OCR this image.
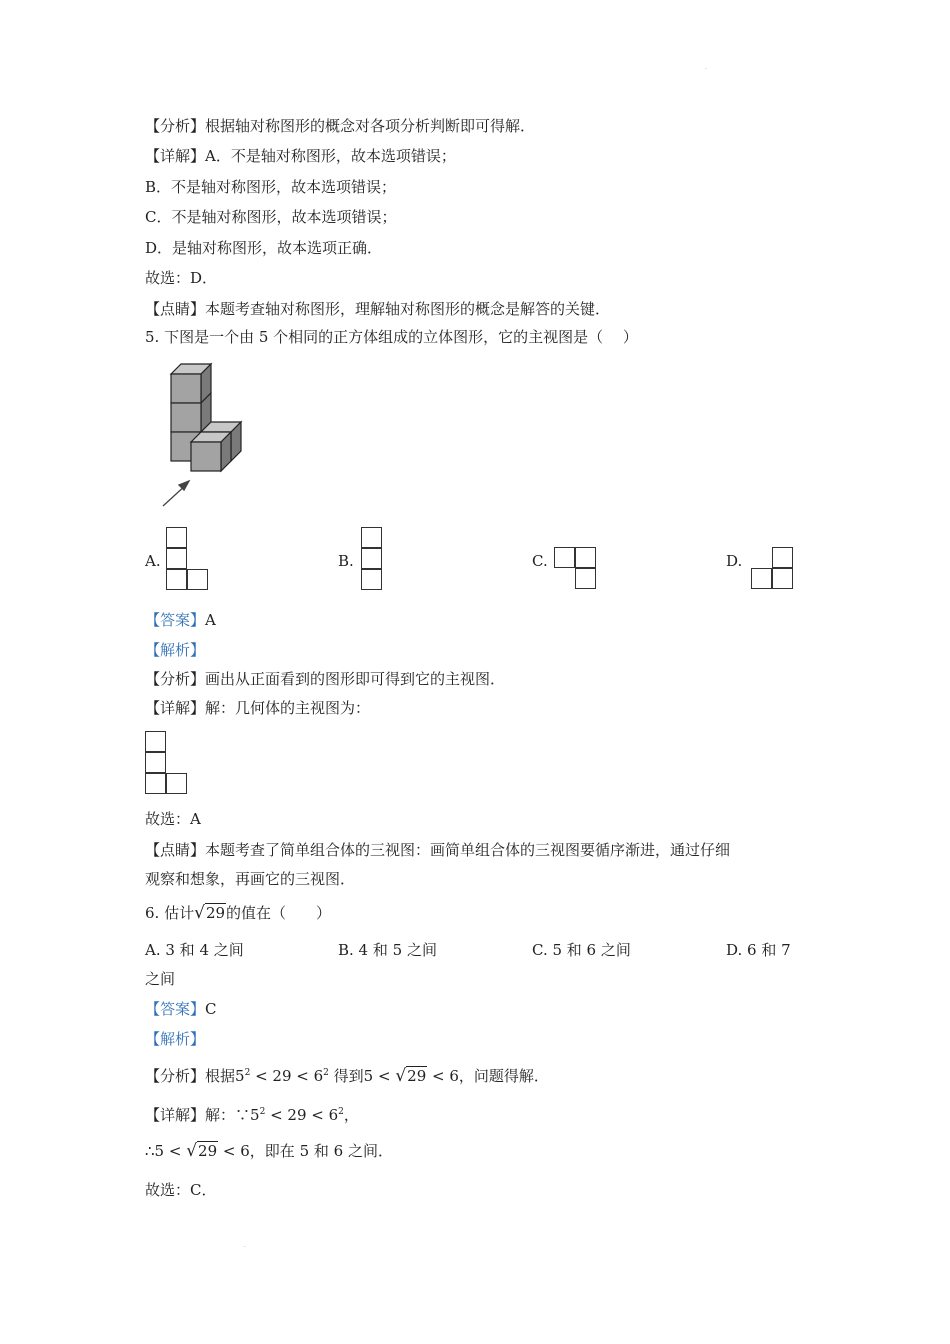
·
【分析】根据轴对称图形的概念对各项分析判断即可得解．
【详解】A．不是轴对称图形，故本选项错误；
B．不是轴对称图形，故本选项错误；
C．不是轴对称图形，故本选项错误；
D．是轴对称图形，故本选项正确．
故选：D．
【点睛】本题考查轴对称图形，理解轴对称图形的概念是解答的关键．
5. 下图是一个由 5 个相同的正方体组成的立体图形，它的主视图是（　 ）
A.	B.	C.	D.
【答案】A
【解析】
【分析】画出从正面看到的图形即可得到它的主视图．
【详解】解：几何体的主视图为：
故选：A
【点睛】本题考查了简单组合体的三视图：画简单组合体的三视图要循序渐进，通过仔细
观察和想象，再画它的三视图．
6. 估计√29的值在（　　）
A. 3 和 4 之间	B. 4 和 5 之间	C. 5 和 6 之间	D. 6 和 7
之间
【答案】C
【解析】
【分析】根据$5^2 < 29 < 6^2$ 得到5 < √29 < 6，问题得解．
【详解】解：$\because 5^2 < 29 < 6^2$，
∴5 < √29 < 6，即在 5 和 6 之间．
故选：C．
·
